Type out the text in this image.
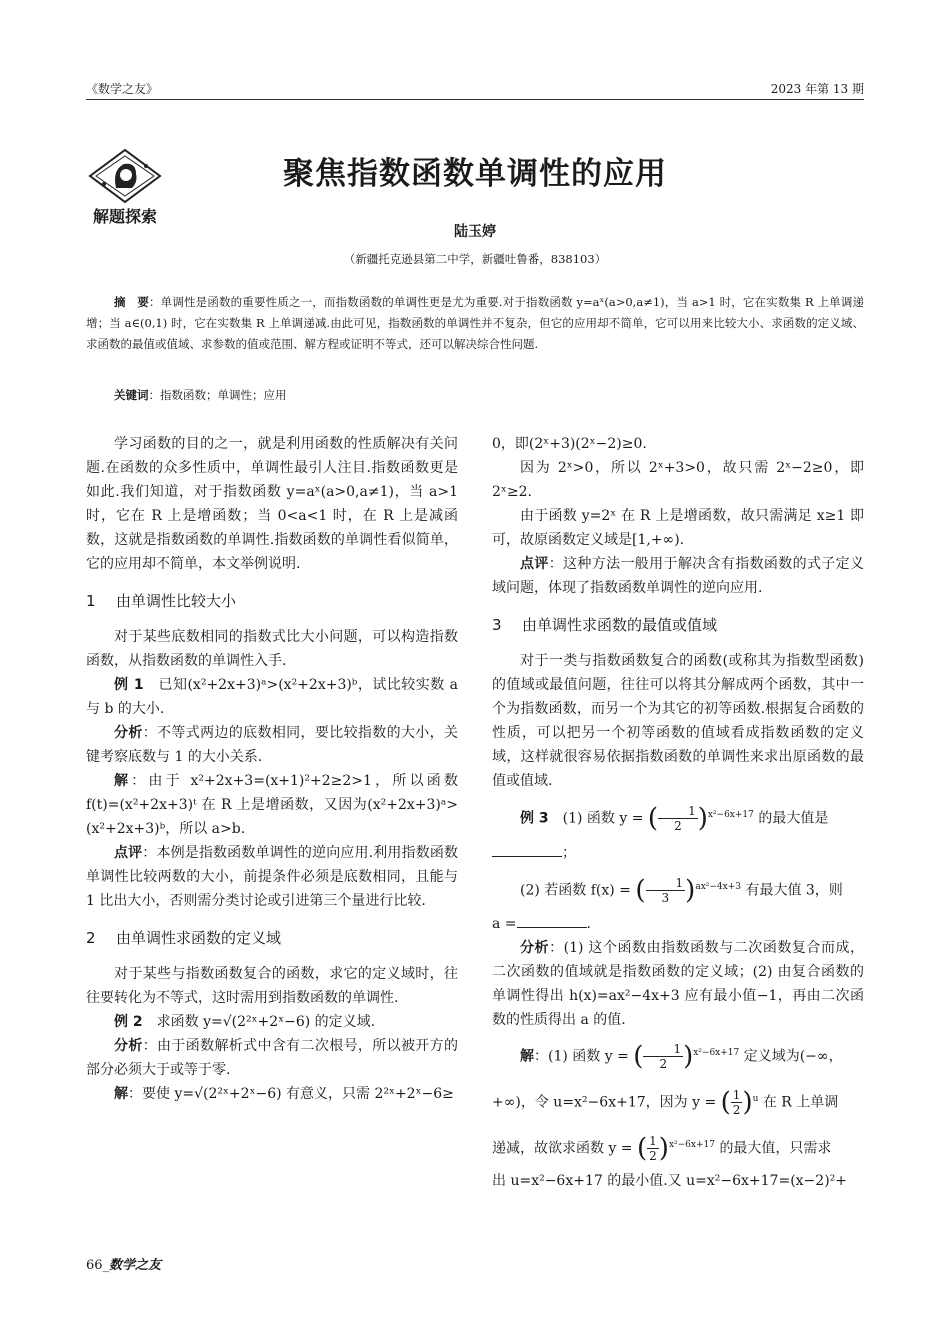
《数学之友》	2023 年第 13 期
解题探索
聚焦指数函数单调性的应用
陆玉婷
（新疆托克逊县第二中学，新疆吐鲁番，838103）
摘　要：单调性是函数的重要性质之一，而指数函数的单调性更是尤为重要.对于指数函数 y=aˣ(a>0,a≠1)，当 a>1 时，它在实数集 R 上单调递增；当 a∈(0,1) 时，它在实数集 R 上单调递减.由此可见，指数函数的单调性并不复杂，但它的应用却不简单，它可以用来比较大小、求函数的定义域、求函数的最值或值域、求参数的值或范围、解方程或证明不等式，还可以解决综合性问题.
关键词：指数函数；单调性；应用

学习函数的目的之一，就是利用函数的性质解决有关问题.在函数的众多性质中，单调性最引人注目.指数函数更是如此.我们知道，对于指数函数 y=aˣ(a>0,a≠1)，当 a>1 时，它在 R 上是增函数；当 0<a<1 时，在 R 上是减函数，这就是指数函数的单调性.指数函数的单调性看似简单，它的应用却不简单，本文举例说明.

1 由单调性比较大小

对于某些底数相同的指数式比大小问题，可以构造指数函数，从指数函数的单调性入手.

例 1　已知(x²+2x+3)ᵃ>(x²+2x+3)ᵇ，试比较实数 a 与 b 的大小.

分析：不等式两边的底数相同，要比较指数的大小，关键考察底数与 1 的大小关系.

解：由于 x²+2x+3=(x+1)²+2≥2>1，所以函数 f(t)=(x²+2x+3)ᵗ 在 R 上是增函数，又因为(x²+2x+3)ᵃ>(x²+2x+3)ᵇ，所以 a>b.

点评：本例是指数函数单调性的逆向应用.利用指数函数单调性比较两数的大小，前提条件必须是底数相同，且能与 1 比出大小，否则需分类讨论或引进第三个量进行比较.

2 由单调性求函数的定义域

对于某些与指数函数复合的函数，求它的定义域时，往往要转化为不等式，这时需用到指数函数的单调性.

例 2　求函数 y=√(2²ˣ+2ˣ−6) 的定义域.

分析：由于函数解析式中含有二次根号，所以被开方的部分必须大于或等于零.

解：要使 y=√(2²ˣ+2ˣ−6) 有意义，只需 2²ˣ+2ˣ−6≥

0，即(2ˣ+3)(2ˣ−2)≥0.

因为 2ˣ>0，所以 2ˣ+3>0，故只需 2ˣ−2≥0，即 2ˣ≥2.

由于函数 y=2ˣ 在 R 上是增函数，故只需满足 x≥1 即可，故原函数定义域是[1,+∞).

点评：这种方法一般用于解决含有指数函数的式子定义域问题，体现了指数函数单调性的逆向应用.

3 由单调性求函数的最值或值域

对于一类与指数函数复合的函数(或称其为指数型函数)的值域或最值问题，往往可以将其分解成两个函数，其中一个为指数函数，而另一个为其它的初等函数.根据复合函数的性质，可以把另一个初等函数的值域看成指数函数的定义域，这样就很容易依据指数函数的单调性来求出原函数的最值或值域.

例 3　(1) 函数 y = ( $\frac{1}{2})^{x^2-6x+17}$ 的最大值是

；

(2) 若函数 f(x) = ( $\frac{1}{3})^{ax^2-4x+3}$ 有最大值 3，则

a =	.

分析：(1) 这个函数由指数函数与二次函数复合而成，二次函数的值域就是指数函数的定义域；(2) 由复合函数的单调性得出 h(x)=ax²−4x+3 应有最小值−1，再由二次函数的性质得出 a 的值.

解：(1) 函数 y = ( $\frac{1}{2})^{x^2-6x+17}$ 定义域为(−∞，

+∞)，令 u=x²−6x+17，因为 y = ( $\frac{1}{2})^u$ 在 R 上单调

递减，故欲求函数 y = ( $\frac{1}{2})^{x^2-6x+17}$ 的最大值，只需求

出 u=x²−6x+17 的最小值.又 u=x²−6x+17=(x−2)²+

66_数学之友
